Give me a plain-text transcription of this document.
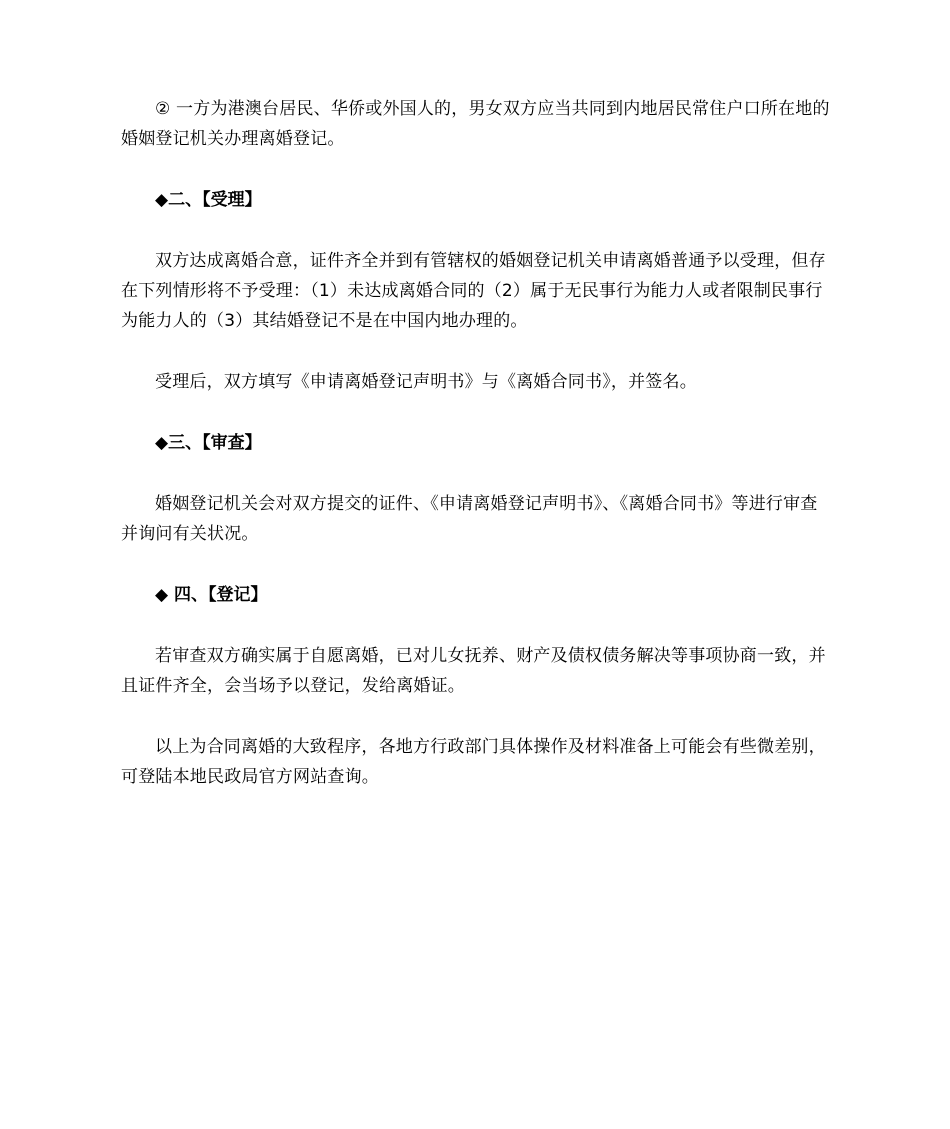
② 一方为港澳台居民、华侨或外国人的，男女双方应当共同到内地居民常住户口所在地的婚姻登记机关办理离婚登记。

◆二、【受理】

双方达成离婚合意，证件齐全并到有管辖权的婚姻登记机关申请离婚普通予以受理，但存在下列情形将不予受理：（1）未达成离婚合同的（2）属于无民事行为能力人或者限制民事行为能力人的（3）其结婚登记不是在中国内地办理的。

受理后，双方填写《申请离婚登记声明书》与《离婚合同书》，并签名。

◆三、【审查】

婚姻登记机关会对双方提交的证件、《申请离婚登记声明书》、《离婚合同书》等进行审查并询问有关状况。

◆ 四、【登记】

若审查双方确实属于自愿离婚，已对儿女抚养、财产及债权债务解决等事项协商一致，并且证件齐全，会当场予以登记，发给离婚证。

以上为合同离婚的大致程序，各地方行政部门具体操作及材料准备上可能会有些微差别，可登陆本地民政局官方网站查询。
